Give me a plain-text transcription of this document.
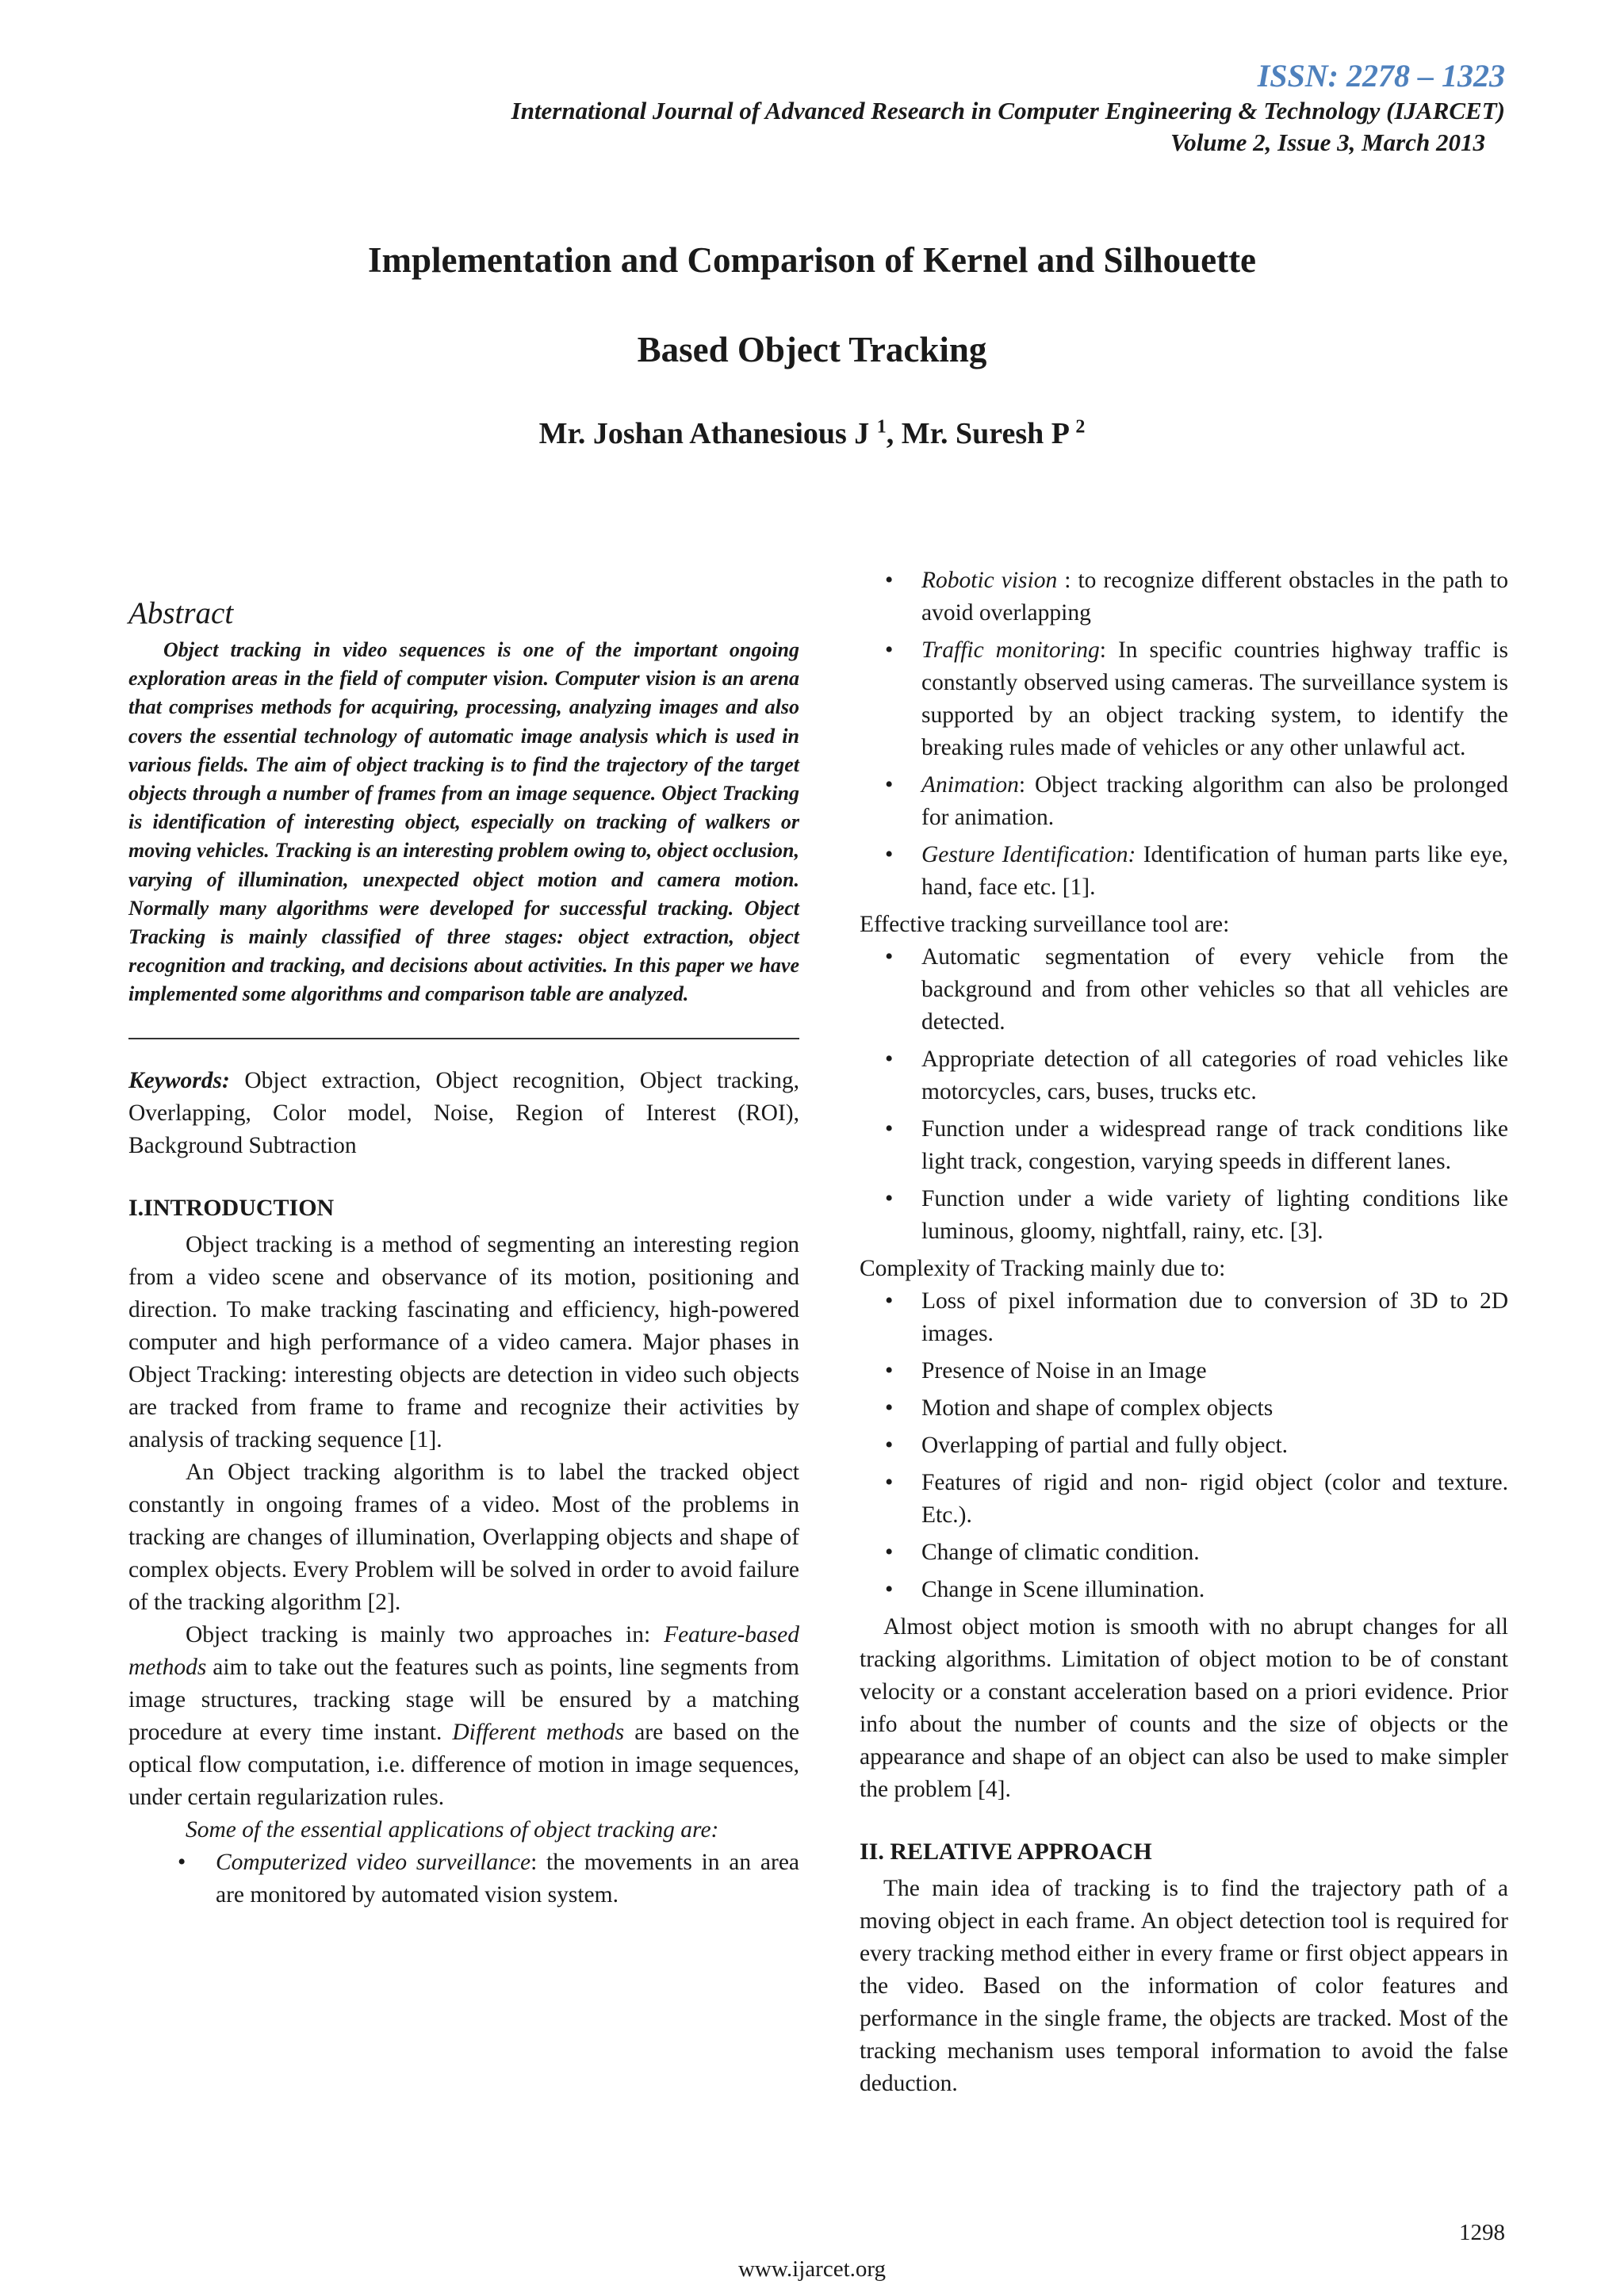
ISSN: 2278 – 1323
International Journal of Advanced Research in Computer Engineering & Technology (IJARCET)
Volume 2, Issue 3, March 2013
Implementation and Comparison of Kernel and Silhouette
Based Object Tracking
Mr. Joshan Athanesious J $^1$, Mr. Suresh P $^2$
Abstract

Object tracking in video sequences is one of the important ongoing exploration areas in the field of computer vision. Computer vision is an arena that comprises methods for acquiring, processing, analyzing images and also covers the essential technology of automatic image analysis which is used in various fields. The aim of object tracking is to find the trajectory of the target objects through a number of frames from an image sequence. Object Tracking is identification of interesting object, especially on tracking of walkers or moving vehicles. Tracking is an interesting problem owing to, object occlusion, varying of illumination, unexpected object motion and camera motion. Normally many algorithms were developed for successful tracking. Object Tracking is mainly classified of three stages: object extraction, object recognition and tracking, and decisions about activities. In this paper we have implemented some algorithms and comparison table are analyzed.

Keywords: Object extraction, Object recognition, Object tracking, Overlapping, Color model, Noise, Region of Interest (ROI), Background Subtraction

I.INTRODUCTION

Object tracking is a method of segmenting an interesting region from a video scene and observance of its motion, positioning and direction. To make tracking fascinating and efficiency, high-powered computer and high performance of a video camera. Major phases in Object Tracking: interesting objects are detection in video such objects are tracked from frame to frame and recognize their activities by analysis of tracking sequence [1].

An Object tracking algorithm is to label the tracked object constantly in ongoing frames of a video. Most of the problems in tracking are changes of illumination, Overlapping objects and shape of complex objects. Every Problem will be solved in order to avoid failure of the tracking algorithm [2].

Object tracking is mainly two approaches in: Feature-based methods aim to take out the features such as points, line segments from image structures, tracking stage will be ensured by a matching procedure at every time instant. Different methods are based on the optical flow computation, i.e. difference of motion in image sequences, under certain regularization rules.

Some of the essential applications of object tracking are:

• Computerized video surveillance: the movements in an area are monitored by automated vision system.
• Robotic vision : to recognize different obstacles in the path to avoid overlapping
• Traffic monitoring: In specific countries highway traffic is constantly observed using cameras. The surveillance system is supported by an object tracking system, to identify the breaking rules made of vehicles or any other unlawful act.
• Animation: Object tracking algorithm can also be prolonged for animation.
• Gesture Identification: Identification of human parts like eye, hand, face etc. [1].

Effective tracking surveillance tool are:

• Automatic segmentation of every vehicle from the background and from other vehicles so that all vehicles are detected.
• Appropriate detection of all categories of road vehicles like motorcycles, cars, buses, trucks etc.
• Function under a widespread range of track conditions like light track, congestion, varying speeds in different lanes.
• Function under a wide variety of lighting conditions like luminous, gloomy, nightfall, rainy, etc. [3].

Complexity of Tracking mainly due to:

• Loss of pixel information due to conversion of 3D to 2D images.
• Presence of Noise in an Image
• Motion and shape of complex objects
• Overlapping of partial and fully object.
• Features of rigid and non- rigid object (color and texture. Etc.).
• Change of climatic condition.
• Change in Scene illumination.

Almost object motion is smooth with no abrupt changes for all tracking algorithms. Limitation of object motion to be of constant velocity or a constant acceleration based on a priori evidence. Prior info about the number of counts and the size of objects or the appearance and shape of an object can also be used to make simpler the problem [4].

II. RELATIVE APPROACH

The main idea of tracking is to find the trajectory path of a moving object in each frame. An object detection tool is required for every tracking method either in every frame or first object appears in the video. Based on the information of color features and performance in the single frame, the objects are tracked. Most of the tracking mechanism uses temporal information to avoid the false deduction.

1298
www.ijarcet.org
